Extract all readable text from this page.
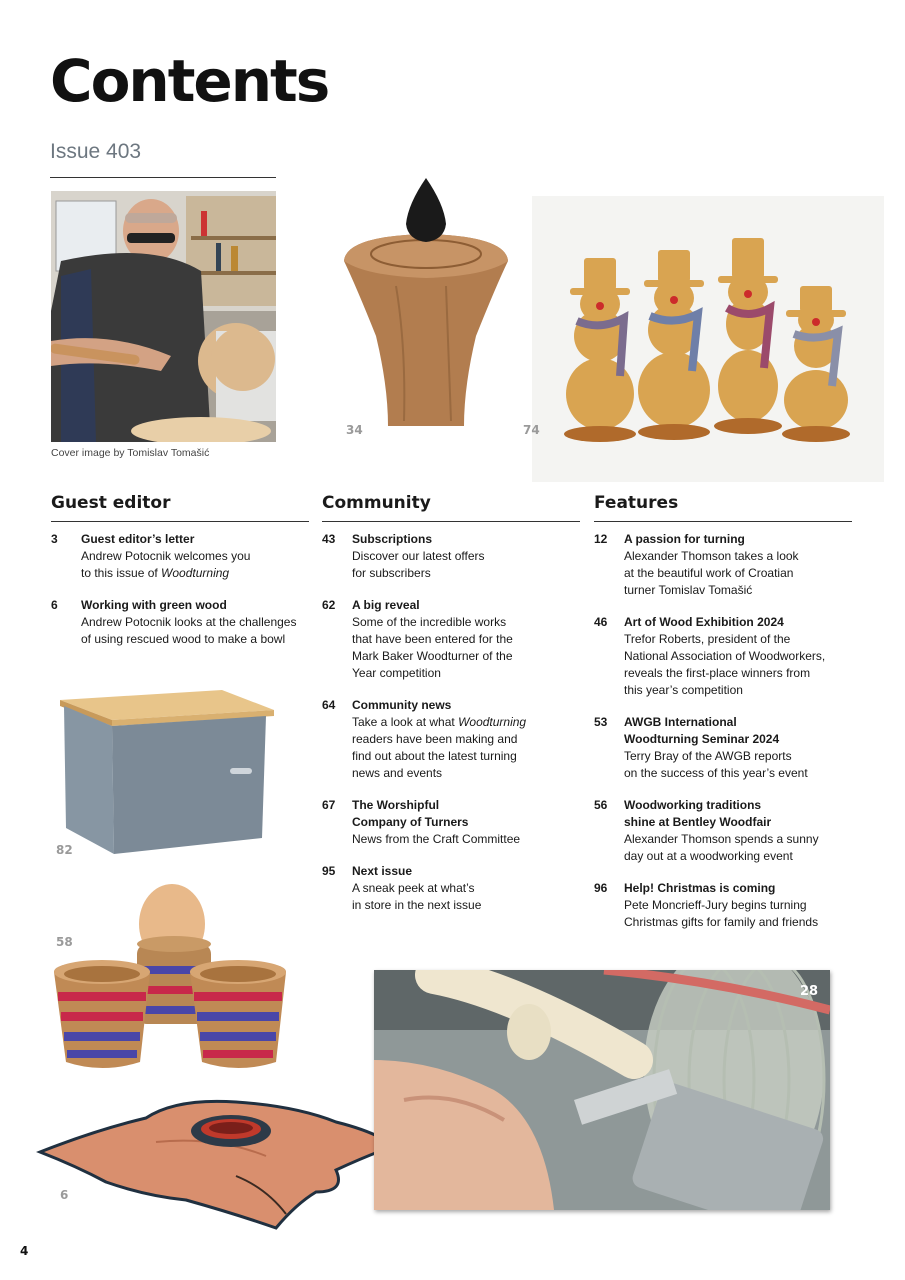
Contents
Issue 403
Cover image by Tomislav Tomašić
34	74
Guest editor
3	Guest editor’s letter
Andrew Potocnik welcomes you
to this issue of Woodturning
6	Working with green wood
Andrew Potocnik looks at the challenges
of using rescued wood to make a bowl
Community
43	Subscriptions
Discover our latest offers
for subscribers
62	A big reveal
Some of the incredible works
that have been entered for the
Mark Baker Woodturner of the
Year competition
64	Community news
Take a look at what Woodturning
readers have been making and
find out about the latest turning
news and events
67	The Worshipful
Company of Turners
News from the Craft Committee
95	Next issue
A sneak peek at what’s
in store in the next issue
Features
12	A passion for turning
Alexander Thomson takes a look
at the beautiful work of Croatian
turner Tomislav Tomašić
46	Art of Wood Exhibition 2024
Trefor Roberts, president of the
National Association of Woodworkers,
reveals the first-place winners from
this year’s competition
53	AWGB International
Woodturning Seminar 2024
Terry Bray of the AWGB reports
on the success of this year’s event
56	Woodworking traditions
shine at Bentley Woodfair
Alexander Thomson spends a sunny
day out at a woodworking event
96	Help! Christmas is coming
Pete Moncrieff-Jury begins turning
Christmas gifts for family and friends
82
58
6
28
4
